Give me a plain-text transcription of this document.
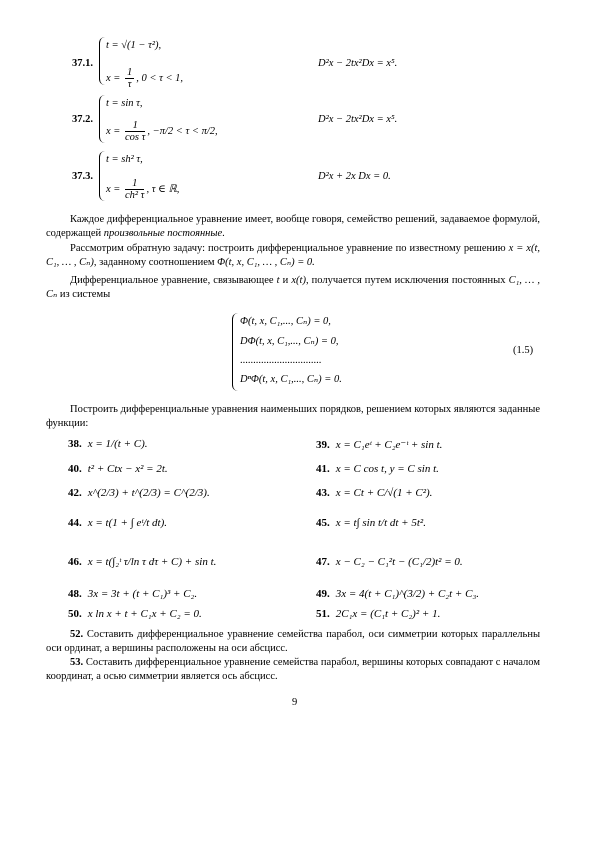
37.1.
t = √(1 − τ²),
$x = \frac{1}{\tau}$ , 0 < τ < 1,
D²x − 2tx²Dx = x⁵.
37.2.
t = sin τ,
$x = \frac{1}{\text{cos τ}}$ , −π/2 < τ < π/2,
D²x − 2tx²Dx = x⁵.
37.3.
t = sh² τ,
$x = \frac{1}{\text{ch² τ}}$ , τ ∈ ℝ,
D²x + 2x Dx = 0.
Каждое дифференциальное уравнение имеет, вообще говоря, семейство решений, задаваемое формулой, содержащей произвольные постоянные.
Рассмотрим обратную задачу: построить дифференциальное уравнение по известному решению x = x(t, C₁, … , Cₙ), заданному соотношением Φ(t, x, C₁, … , Cₙ) = 0.
Дифференциальное уравнение, связывающее t и x(t), получается путем исключения постоянных C₁, … , Cₙ из системы
Φ(t, x, C₁,..., Cₙ) = 0,
DΦ(t, x, C₁,..., Cₙ) = 0,
...............................
DⁿΦ(t, x, C₁,..., Cₙ) = 0.
(1.5)
Построить дифференциальные уравнения наименьших порядков, решением которых являются заданные функции:
38. x = 1/(t + C).	39. x = C₁eᵗ + C₂e⁻ᵗ + sin t.
40. t² + Ctx − x² = 2t.	41. x = C cos t, y = C sin t.
42. x^(2/3) + t^(2/3) = C^(2/3).	43. x = Ct + C/√(1 + C²).
44. x = t(1 + ∫ eᵗ/t dt).	45. x = t∫ sin t/t dt + 5t².
46. x = t(∫₂ᵗ τ/ln τ dτ + C) + sin t.	47. x − C₂ − C₁²t − (C₁/2)t² = 0.
48. 3x = 3t + (t + C₁)³ + C₂.	49. 3x = 4(t + C₁)^(3/2) + C₂t + C₃.
50. x ln x + t + C₁x + C₂ = 0.	51. 2C₁x = (C₁t + C₂)² + 1.
52. Составить дифференциальное уравнение семейства парабол, оси симметрии которых параллельны оси ординат, а вершины расположены на оси абсцисс.
53. Составить дифференциальное уравнение семейства парабол, вершины которых совпадают с началом координат, а осью симметрии является ось абсцисс.
9
